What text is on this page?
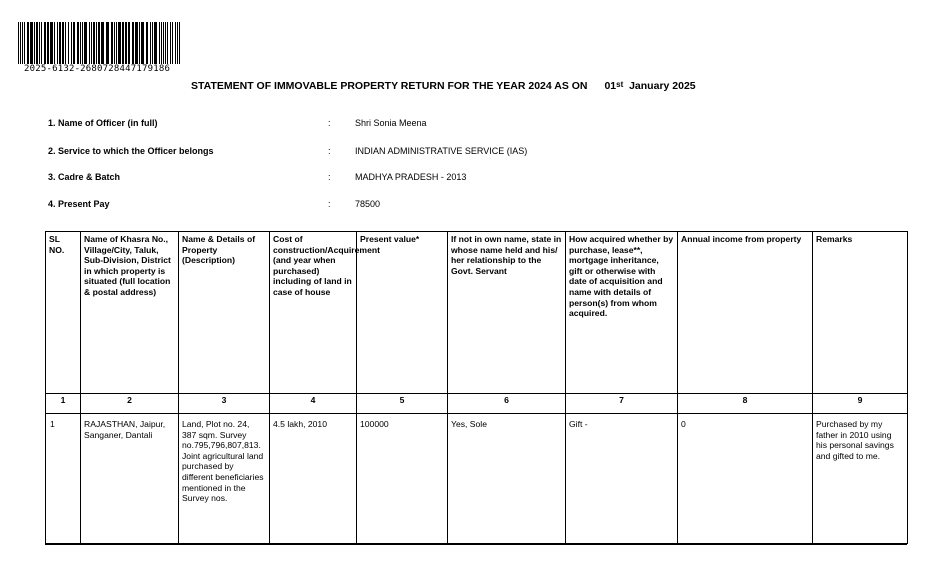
2025-6132-2680728447179186
STATEMENT OF IMMOVABLE PROPERTY RETURN FOR THE YEAR 2024 AS ON 01st January 2025
1. Name of Officer (in full)	:	Shri Sonia Meena
2. Service to which the Officer belongs	:	INDIAN ADMINISTRATIVE SERVICE (IAS)
3. Cadre & Batch	:	MADHYA PRADESH - 2013
4. Present Pay	:	78500
SL NO.	Name of Khasra No., Village/City, Taluk, Sub-Division, District in which property is situated (full location & postal address)	Name & Details of Property (Description)	Cost of construction/Acquirement (and year when purchased) including of land in case of house	Present value*	If not in own name, state in whose name held and his/ her relationship to the Govt. Servant	How acquired whether by purchase, lease**, mortgage inheritance, gift or otherwise with date of acquisition and name with details of person(s) from whom acquired.	Annual income from property	Remarks
1	2	3	4	5	6	7	8	9
1	RAJASTHAN, Jaipur, Sanganer, Dantali	Land, Plot no. 24, 387 sqm. Survey no.795,796,807,813. Joint agricultural land purchased by different beneficiaries mentioned in the Survey nos.	4.5 lakh, 2010	100000	Yes, Sole	Gift -	0	Purchased by my father in 2010 using his personal savings and gifted to me.
